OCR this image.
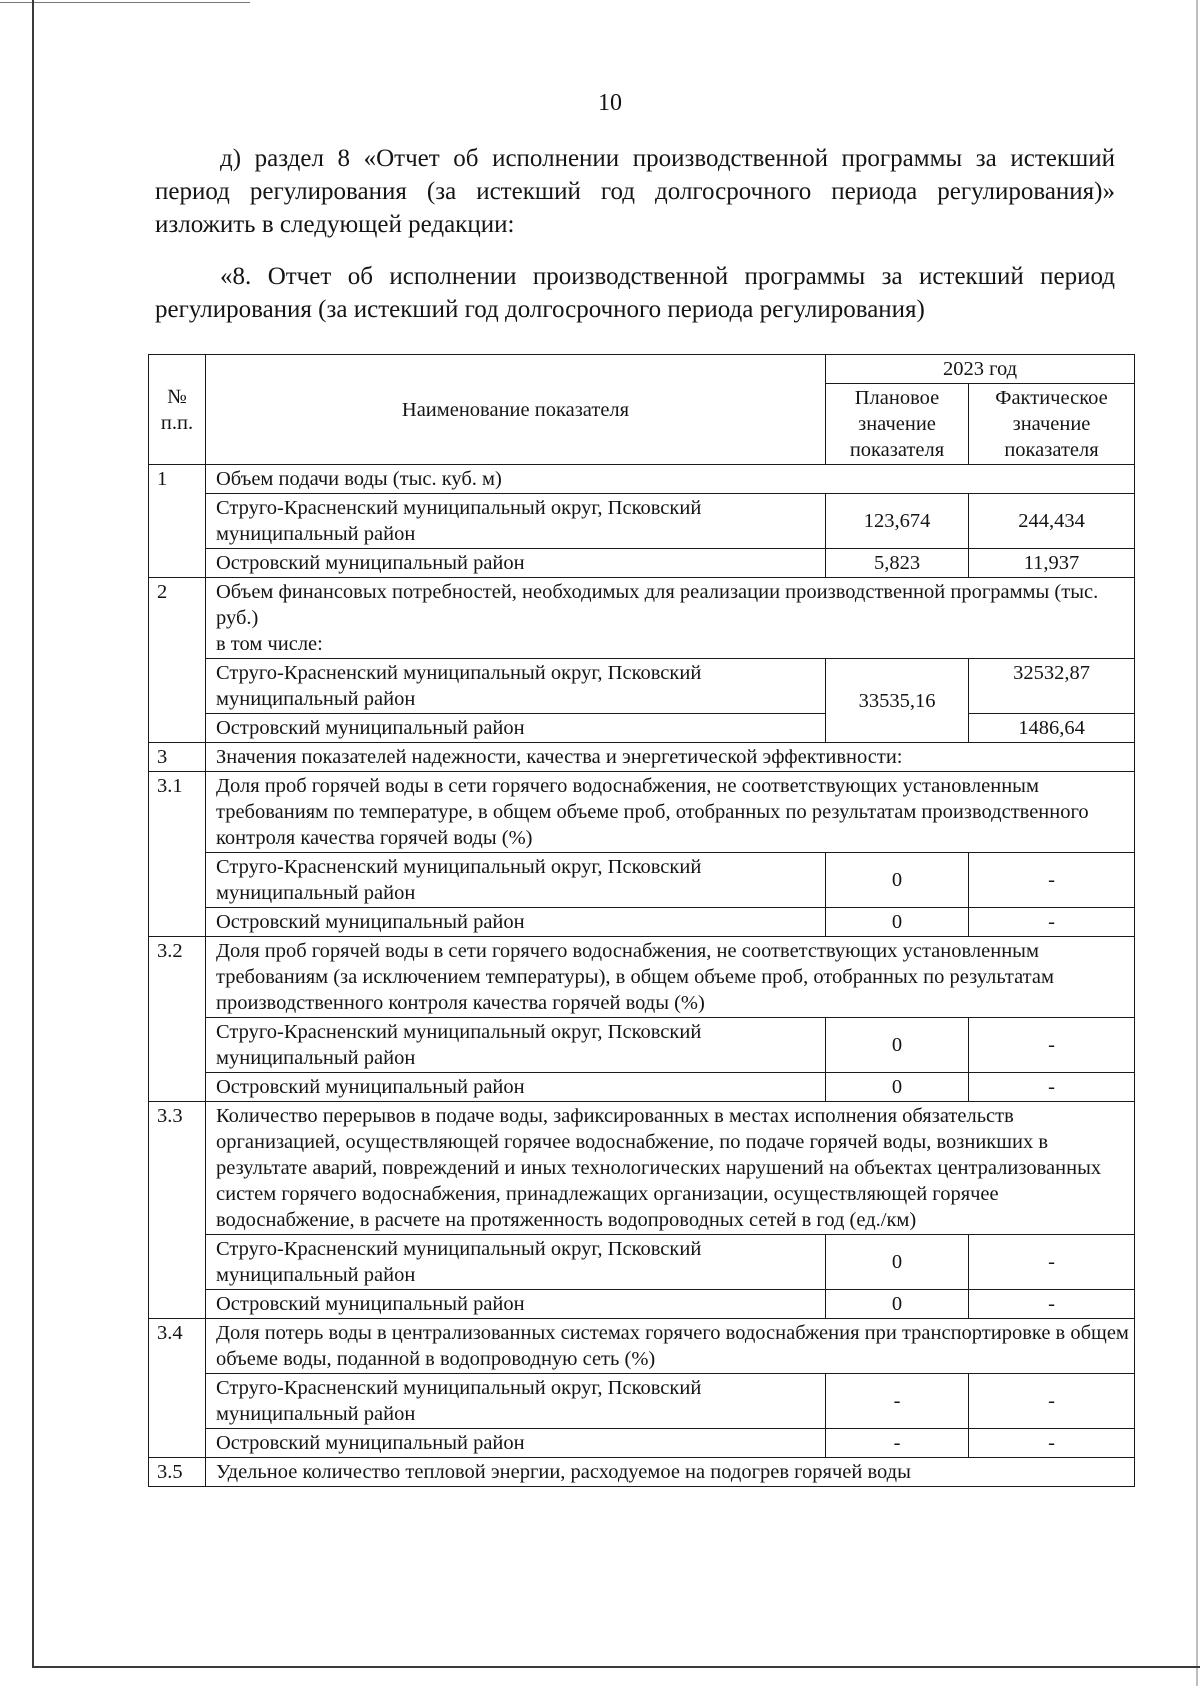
10
д) раздел 8 «Отчет об исполнении производственной программы за истекший период регулирования (за истекший год долгосрочного периода регулирования)» изложить в следующей редакции:
«8. Отчет об исполнении производственной программы за истекший период регулирования (за истекший год долгосрочного периода регулирования)
№ п.п.	Наименование показателя	2023 год	
		Плановое значение показателя	Фактическое значение показателя
1	Объем подачи воды (тыс. куб. м)		
	Струго-Красненский муниципальный округ, Псковский муниципальный район	123,674	244,434
	Островский муниципальный район	5,823	11,937
2	Объем финансовых потребностей, необходимых для реализации производственной программы (тыс. руб.)
в том числе:		
	Струго-Красненский муниципальный округ, Псковский муниципальный район	33535,16	32532,87
	Островский муниципальный район		1486,64
3	Значения показателей надежности, качества и энергетической эффективности:		
3.1	Доля проб горячей воды в сети горячего водоснабжения, не соответствующих установленным требованиям по температуре, в общем объеме проб, отобранных по результатам производственного контроля качества горячей воды (%)		
	Струго-Красненский муниципальный округ, Псковский муниципальный район	0	-
	Островский муниципальный район	0	-
3.2	Доля проб горячей воды в сети горячего водоснабжения, не соответствующих установленным требованиям (за исключением температуры), в общем объеме проб, отобранных по результатам производственного контроля качества горячей воды (%)		
	Струго-Красненский муниципальный округ, Псковский муниципальный район	0	-
	Островский муниципальный район	0	-
3.3	Количество перерывов в подаче воды, зафиксированных в местах исполнения обязательств организацией, осуществляющей горячее водоснабжение, по подаче горячей воды, возникших в результате аварий, повреждений и иных технологических нарушений на объектах централизованных систем горячего водоснабжения, принадлежащих организации, осуществляющей горячее водоснабжение, в расчете на протяженность водопроводных сетей в год (ед./км)		
	Струго-Красненский муниципальный округ, Псковский муниципальный район	0	-
	Островский муниципальный район	0	-
3.4	Доля потерь воды в централизованных системах горячего водоснабжения при транспортировке в общем объеме воды, поданной в водопроводную сеть (%)		
	Струго-Красненский муниципальный округ, Псковский муниципальный район	-	-
	Островский муниципальный район	-	-
3.5	Удельное количество тепловой энергии, расходуемое на подогрев горячей воды		
